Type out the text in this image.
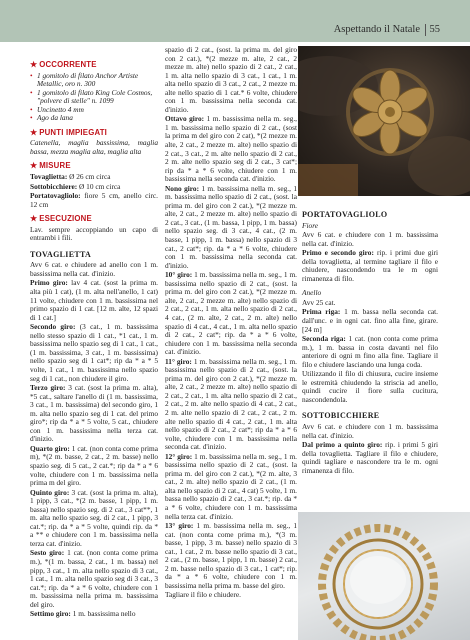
Aspettando il Natale 55
★ OCCORRENTE
• 1 gomitolo di filato Anchor Artiste Metallic, oro n. 300
• 1 gomitolo di filato King Cole Cosmos, "polvere di stelle" n. 1099
• Uncinetto 4 mm
• Ago da lana
★ PUNTI IMPIEGATI

Catenella, maglia bassissima, maglia bassa, mezza maglia alta, maglia alta

★ MISURE

Tovaglietta: Ø 26 cm circa

Sottobicchiere: Ø 10 cm circa

Portatovagliolo: fiore 5 cm, anello circ. 12 cm

★ ESECUZIONE

Lav. sempre accoppiando un capo di entrambi i fili.

TOVAGLIETTA

Avv 6 cat. e chiudere ad anello con 1 m. bassissima nella cat. d'inizio.

Primo giro: lav 4 cat. (sost la prima m. alta più 1 cat), (1 m. alta nell'anello, 1 cat) 11 volte, chiudere con 1 m. bassissima nel primo spazio di 1 cat. [12 m. alte, 12 spazi di 1 cat.]

Secondo giro: (3 cat., 1 m. bassissima nello stesso spazio di 1 cat., *1 cat., 1 m. bassissima nello spazio seg di 1 cat., 1 cat., (1 m. bassissima, 3 cat., 1 m. bassissima) nello spazio seg di 1 cat*; rip da * a * 5 volte, 1 cat., 1 m. bassissima nello spazio seg di 1 cat., non chiudere il giro.

Terzo giro: 3 cat. (sost la prima m. alta), *5 cat., saltare l'anello di (1 m. bassissima, 3 cat., 1 m. bassissima) del secondo giro, 1 m. alta nello spazio seg di 1 cat. del primo giro*; rip da * a * 5 volte, 5 cat., chiudere con 1 m. bassissima nella terza cat. d'inizio.

Quarto giro: 1 cat. (non conta come prima m), *(2 m. basse, 2 cat., 2 m. basse) nello spazio seg. di 5 cat., 2 cat.*; rip da * a * 6 volte, chiudere con 1 m. bassissima nella prima m del giro.

Quinto giro: 3 cat. (sost la prima m. alta), 1 pipp, 3 cat., *(2 m. basse, 1 pipp, 1 m. bassa) nello spazio seg. di 2 cat., 3 cat**, 1 m. alta nello spazio seg. di 2 cat., 1 pipp, 3 cat.*; rip. da * a * 5 volte, quindi rip. da * a ** e chiudere con 1 m. bassissima nella terza cat. d'inizio.

Sesto giro: 1 cat. (non conta come prima m.), *(1 m. bassa, 2 cat., 1 m. bassa) nel pipp, 3 cat., 1 m. alta nello spazio di 3 cat., 1 cat., 1 m. alta nello spazio seg di 3 cat., 3 cat.*; rip. da * a * 6 volte, chiudere con 1 m. bassissima nella prima m. bassissima del giro.

Settimo giro: 1 m. bassissima nello

spazio di 2 cat., (sost. la prima m. del giro con 2 cat.), *(2 mezze m. alte, 2 cat., 2 mezze m. alte) nello spazio di 2 cat., 2 cat., 1 m. alta nello spazio di 3 cat., 1 cat., 1 m. alta nello spazio di 3 cat., 2 cat., 2 mezze m. alte nello spazio di 1 cat.* 6 volte, chiudere con 1 m. bassissima nella seconda cat. d'inizio.

Ottavo giro: 1 m. bassissima nella m. seg., 1 m. bassissima nello spazio di 2 cat., (sost la prima m del giro con 2 cat), *(2 mezze m. alte, 2 cat., 2 mezze m. alte) nello spazio di 2 cat., 3 cat., 2 m. alte nello spazio di 2 cat., 2 m. alte nello spazio seg di 2 cat., 3 cat*; rip da * a * 6 volte, chiudere con 1 m. bassissima nella seconda cat. d'inizio.

Nono giro: 1 m. bassissima nella m. seg., 1 m. bassissima nello spazio di 2 cat., (sost. la prima m. del giro con 2 cat.), *(2 mezze m. alte, 2 cat., 2 mezze m. alte) nello spazio di 2 cat., 3 cat., (1 m. bassa, 1 pipp, 1 m. bassa) nello spazio seg. di 3 cat., 4 cat., (2 m. basse, 1 pipp, 1 m. bassa) nello spazio di 3 cat., 2 cat*; rip. da * a * 6 volte, chiudere con 1 m. bassissima nella seconda cat. d'inizio.

10° giro: 1 m. bassissima nella m. seg., 1 m. bassissima nello spazio di 2 cat., (sost. la prima m. del giro con 2 cat.), *(2 mezze m. alte, 2 cat., 2 mezze m. alte) nello spazio di 2 cat., 2 cat., 1 m. alta nello spazio di 2 cat., 4 cat., (2 m. alte, 2 cat., 2 m. alte) nello spazio di 4 cat., 4 cat., 1 m. alta nello spazio di 2 cat., 2 cat*; rip. da * a * 6 volte, chiudere con 1 m. bassissima nella seconda cat. d'inizio.

11° giro: 1 m. bassissima nella m. seg., 1 m. bassissima nello spazio di 2 cat., (sost. la prima m. del giro con 2 cat.), *(2 mezze m. alte, 2 cat., 2 mezze m. alte) nello spazio di 2 cat., 2 cat., 1 m. alta nello spazio di 2 cat., 2 cat., 2 m. alte nello spazio di 4 cat., 2 cat., 2 m. alte nello spazio di 2 cat., 2 cat., 2 m. alte nello spazio di 4 cat., 2 cat., 1 m. alta nello spazio di 2 cat., 2 cat*; rip da * a * 6 volte, chiudere con 1 m. bassissima nella seconda cat. d'inizio.

12° giro: 1 m. bassissima nella m. seg., 1 m. bassissima nello spazio di 2 cat., (sost. la prima m. del giro con 2 cat.), *(2 m. alte, 3 cat., 2 m. alte) nello spazio di 2 cat., (1 m. alta nello spazio di 2 cat., 4 cat) 5 volte, 1 m. bassa nello spazio di 2 cat., 3 cat.*; rip. da * a * 6 volte, chiudere con 1 m. bassissima nella terza cat. d'inizio.

13° giro: 1 m. bassissima nella m. seg., 1 cat. (non conta come prima m.), *(3 m. basse, 1 pipp, 3 m. basse) nello spazio di 3 cat., 1 cat., 2 m. basse nello spazio di 3 cat., 2 cat., (2 m. basse, 1 pipp, 1 m. basse) 2 cat., 2 m. basse nello spazio di 3 cat., 1 cat*; rip. da * a * 6 volte, chiudere con 1 m. bassissima nella prima m. basse del giro.

Tagliare il filo e chiudere.

PORTATOVAGLIOLO

Fiore

Avv 6 cat. e chiudere con 1 m. bassissima nella cat. d'inizio.

Primo e secondo giro: rip. i primi due giri della tovaglietta, al termine tagliare il filo e chiudere, nascondendo tra le m ogni rimanenza di filo.

Anello

Avv 25 cat.

Prima riga: 1 m. bassa nella seconda cat. dall'unc. e in ogni cat. fino alla fine, girare. [24 m]

Seconda riga: 1 cat. (non conta come prima m.), 1 m. bassa in costa davanti nel filo anteriore di ogni m fino alla fine. Tagliare il filo e chiudere lasciando una lunga coda.

Utilizzando il filo di chiusura, cucire insieme le estremità chiudendo la striscia ad anello, quindi cucire il fiore sulla cucitura, nascondendola.

SOTTOBICCHIERE

Avv 6 cat. e chiudere con 1 m. bassissima nella cat. d'inizio.

Dal primo a quinto giro: rip. i primi 5 giri della tovaglietta. Tagliare il filo e chiudere, quindi tagliare e nascondere tra le m. ogni rimanenza di filo.
